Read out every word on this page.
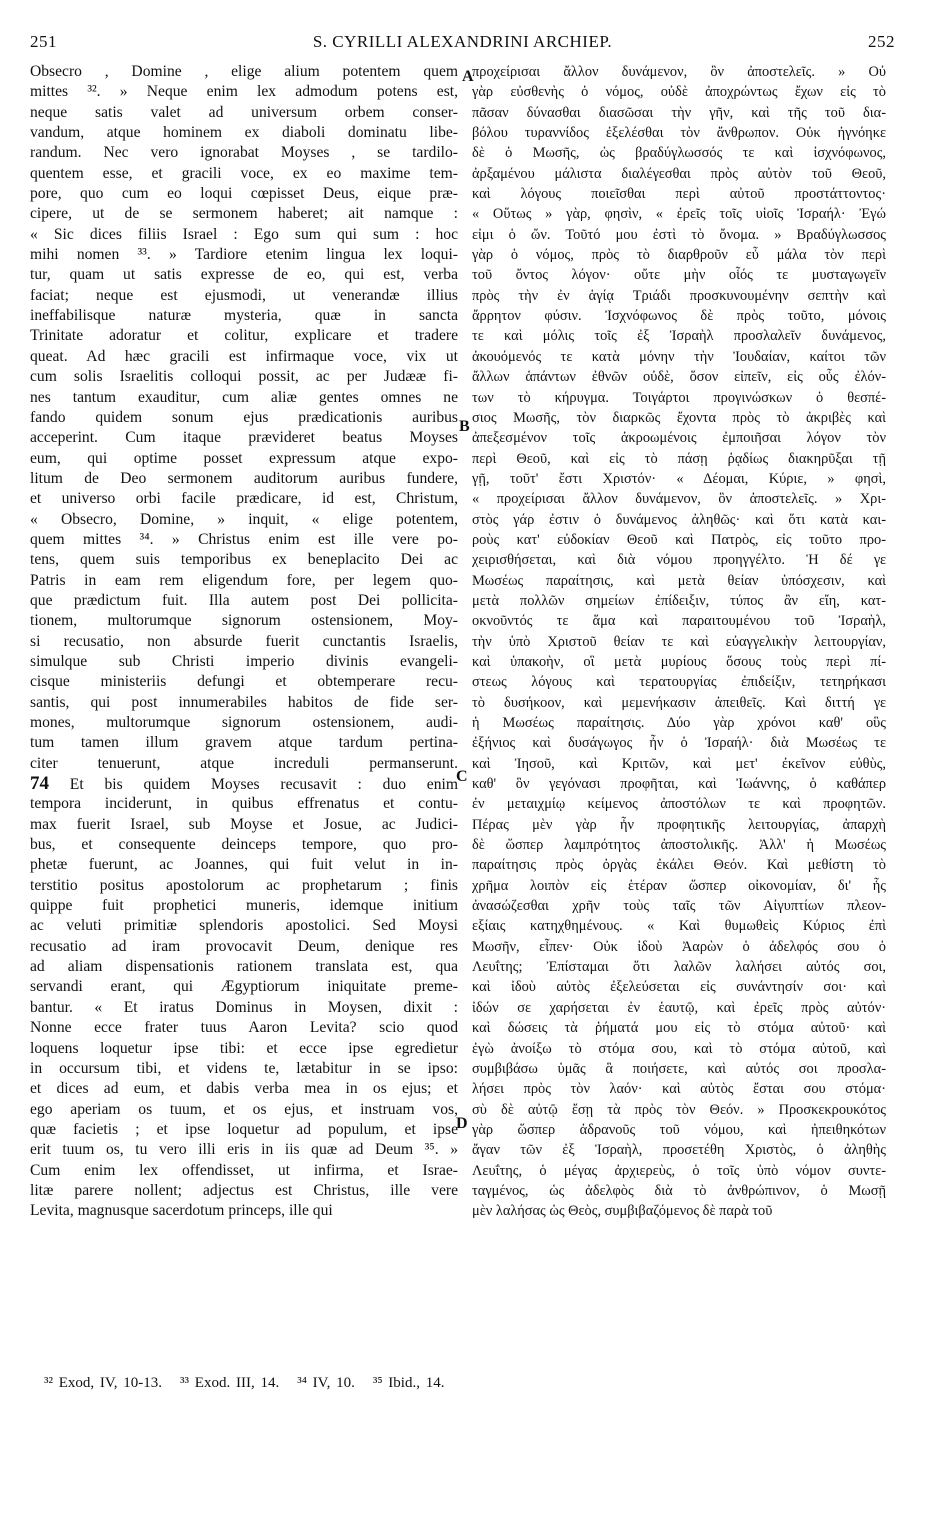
251	S. CYRILLI ALEXANDRINI ARCHIEP.	252
Obsecro , Domine , elige alium potentem quem
mittes ³². » Neque enim lex admodum potens est,
neque satis valet ad universum orbem conser-
vandum, atque hominem ex diaboli dominatu libe-
randum. Nec vero ignorabat Moyses , se tardilo-
quentem esse, et gracili voce, ex eo maxime tem-
pore, quo cum eo loqui cœpisset Deus, eique præ-
cipere, ut de se sermonem haberet; ait namque :
« Sic dices filiis Israel : Ego sum qui sum : hoc
mihi nomen ³³. » Tardiore etenim lingua lex loqui-
tur, quam ut satis expresse de eo, qui est, verba
faciat; neque est ejusmodi, ut venerandæ illius
ineffabilisque naturæ mysteria, quæ in sancta
Trinitate adoratur et colitur, explicare et tradere
queat. Ad hæc gracili est infirmaque voce, vix ut
cum solis Israelitis colloqui possit, ac per Judææ fi-
nes tantum exauditur, cum aliæ gentes omnes ne
fando quidem sonum ejus prædicationis auribus
acceperint. Cum itaque prævideret beatus Moyses
eum, qui optime posset expressum atque expo-
litum de Deo sermonem auditorum auribus fundere,
et universo orbi facile prædicare, id est, Christum,
« Obsecro, Domine, » inquit, « elige potentem,
quem mittes ³⁴. » Christus enim est ille vere po-
tens, quem suis temporibus ex beneplacito Dei ac
Patris in eam rem eligendum fore, per legem quo-
que prædictum fuit. Illa autem post Dei pollicita-
tionem, multorumque signorum ostensionem, Moy-
si recusatio, non absurde fuerit cunctantis Israelis,
simulque sub Christi imperio divinis evangeli-
cisque ministeriis defungi et obtemperare recu-
santis, qui post innumerabiles habitos de fide ser-
mones, multorumque signorum ostensionem, audi-
tum tamen illum gravem atque tardum pertina-
citer tenuerunt, atque increduli permanserunt.
74 Et bis quidem Moyses recusavit : duo enim
tempora inciderunt, in quibus effrenatus et contu-
max fuerit Israel, sub Moyse et Josue, ac Judici-
bus, et consequente deinceps tempore, quo pro-
phetæ fuerunt, ac Joannes, qui fuit velut in in-
terstitio positus apostolorum ac prophetarum ; finis
quippe fuit prophetici muneris, idemque initium
ac veluti primitiæ splendoris apostolici. Sed Moysi
recusatio ad iram provocavit Deum, denique res
ad aliam dispensationis rationem translata est, qua
servandi erant, qui Ægyptiorum iniquitate preme-
bantur. « Et iratus Dominus in Moysen, dixit :
Nonne ecce frater tuus Aaron Levita? scio quod
loquens loquetur ipse tibi: et ecce ipse egredietur
in occursum tibi, et videns te, lætabitur in se ipso:
et dices ad eum, et dabis verba mea in os ejus; et
ego aperiam os tuum, et os ejus, et instruam vos,
quæ facietis ; et ipse loquetur ad populum, et ipse
erit tuum os, tu vero illi eris in iis quæ ad Deum ³⁵. »
Cum enim lex offendisset, ut infirma, et Israe-
litæ parere nollent; adjectus est Christus, ille vere
Levita, magnusque sacerdotum princeps, ille qui
προχείρισαι ἄλλον δυνάμενον, ὃν ἀποστελεῖς. » Οὐ
γὰρ εὐσθενὴς ὁ νόμος, οὐδὲ ἀποχρώντως ἔχων εἰς τὸ
πᾶσαν δύνασθαι διασῶσαι τὴν γῆν, καὶ τῆς τοῦ δια-
βόλου τυραννίδος ἐξελέσθαι τὸν ἄνθρωπον. Οὐκ ἠγνόηκε
δὲ ὁ Μωσῆς, ὡς βραδύγλωσσός τε καὶ ἰσχνόφωνος,
ἀρξαμένου μάλιστα διαλέγεσθαι πρὸς αὐτὸν τοῦ Θεοῦ,
καὶ λόγους ποιεῖσθαι περὶ αὐτοῦ προστάττοντος·
« Οὕτως » γὰρ, φησὶν, « ἐρεῖς τοῖς υἱοῖς Ἰσραήλ· Ἐγώ
εἰμι ὁ ὤν. Τοῦτό μου ἐστὶ τὸ ὄνομα. » Βραδύγλωσσος
γὰρ ὁ νόμος, πρὸς τὸ διαρθροῦν εὖ μάλα τὸν περὶ
τοῦ ὄντος λόγον· οὔτε μὴν οἷός τε μυσταγωγεῖν
πρὸς τὴν ἐν ἁγίᾳ Τριάδι προσκυνουμένην σεπτὴν καὶ
ἄρρητον φύσιν. Ἰσχνόφωνος δὲ πρὸς τοῦτο, μόνοις
τε καὶ μόλις τοῖς ἐξ Ἰσραὴλ προσλαλεῖν δυνάμενος,
ἀκουόμενός τε κατὰ μόνην τὴν Ἰουδαίαν, καίτοι τῶν
ἄλλων ἁπάντων ἐθνῶν οὐδὲ, ὅσον εἰπεῖν, εἰς οὖς ἐλόν-
των τὸ κήρυγμα. Τοιγάρτοι προγινώσκων ὁ θεσπέ-
σιος Μωσῆς, τὸν διαρκῶς ἔχοντα πρὸς τὸ ἀκριβὲς καὶ
ἀπεξεσμένον τοῖς ἀκροωμένοις ἐμποιῆσαι λόγον τὸν
περὶ Θεοῦ, καὶ εἰς τὸ πάσῃ ῥᾳδίως διακηρῦξαι τῇ
γῇ, τοῦτ' ἔστι Χριστόν· « Δέομαι, Κύριε, » φησὶ,
« προχείρισαι ἄλλον δυνάμενον, ὃν ἀποστελεῖς. » Χρι-
στὸς γάρ ἐστιν ὁ δυνάμενος ἀληθῶς· καὶ ὅτι κατὰ και-
ροὺς κατ' εὐδοκίαν Θεοῦ καὶ Πατρὸς, εἰς τοῦτο προ-
χειρισθήσεται, καὶ διὰ νόμου προηγγέλτο. Ἡ δέ γε
Μωσέως παραίτησις, καὶ μετὰ θείαν ὑπόσχεσιν, καὶ
μετὰ πολλῶν σημείων ἐπίδειξιν, τύπος ἂν εἴη, κατ-
οκνοῦντός τε ἅμα καὶ παραιτουμένου τοῦ Ἰσραὴλ,
τὴν ὑπὸ Χριστοῦ θείαν τε καὶ εὐαγγελικὴν λειτουργίαν,
καὶ ὑπακοὴν, οἳ μετὰ μυρίους ὅσους τοὺς περὶ πί-
στεως λόγους καὶ τερατουργίας ἐπιδείξιν, τετηρήκασι
τὸ δυσήκοον, καὶ μεμενήκασιν ἀπειθεῖς. Καὶ διττή γε
ἡ Μωσέως παραίτησις. Δύο γὰρ χρόνοι καθ' οὓς
ἐξήνιος καὶ δυσάγωγος ἦν ὁ Ἰσραήλ· διὰ Μωσέως τε
καὶ Ἰησοῦ, καὶ Κριτῶν, καὶ μετ' ἐκεῖνον εὐθὺς,
καθ' ὃν γεγόνασι προφῆται, καὶ Ἰωάννης, ὁ καθάπερ
ἐν μεταιχμίῳ κείμενος ἀποστόλων τε καὶ προφητῶν.
Πέρας μὲν γὰρ ἦν προφητικῆς λειτουργίας, ἀπαρχὴ
δὲ ὥσπερ λαμπρότητος ἀποστολικῆς. Ἀλλ' ἡ Μωσέως
παραίτησις πρὸς ὀργὰς ἐκάλει Θεόν. Καὶ μεθίστη τὸ
χρῆμα λοιπὸν εἰς ἑτέραν ὥσπερ οἰκονομίαν, δι' ἧς
ἀνασώζεσθαι χρῆν τοὺς ταῖς τῶν Αἰγυπτίων πλεον-
εξίαις κατηχθημένους. « Καὶ θυμωθεὶς Κύριος ἐπὶ
Μωσῆν, εἶπεν· Οὐκ ἰδοὺ Ἀαρὼν ὁ ἀδελφός σου ὁ
Λευΐτης; Ἐπίσταμαι ὅτι λαλῶν λαλήσει αὐτός σοι,
καὶ ἰδοὺ αὐτὸς ἐξελεύσεται εἰς συνάντησίν σοι· καὶ
ἰδών σε χαρήσεται ἐν ἑαυτῷ, καὶ ἐρεῖς πρὸς αὐτόν·
καὶ δώσεις τὰ ῥήματά μου εἰς τὸ στόμα αὐτοῦ· καὶ
ἐγὼ ἀνοίξω τὸ στόμα σου, καὶ τὸ στόμα αὐτοῦ, καὶ
συμβιβάσω ὑμᾶς ἃ ποιήσετε, καὶ αὐτός σοι προσλα-
λήσει πρὸς τὸν λαόν· καὶ αὐτὸς ἔσται σου στόμα·
σὺ δὲ αὐτῷ ἔσῃ τὰ πρὸς τὸν Θεόν. » Προσκεκρουκότος
γὰρ ὥσπερ ἀδρανοῦς τοῦ νόμου, καὶ ἠπειθηκότων
ἄγαν τῶν ἐξ Ἰσραὴλ, προσετέθη Χριστὸς, ὁ ἀληθὴς
Λευΐτης, ὁ μέγας ἀρχιερεὺς, ὁ τοῖς ὑπὸ νόμον συντε-
ταγμένος, ὡς ἀδελφὸς διὰ τὸ ἀνθρώπινον, ὁ Μωσῇ
μὲν λαλήσας ὡς Θεὸς, συμβιβαζόμενος δὲ παρὰ τοῦ
A
B
C
D
³² Exod, IV, 10-13. ³³ Exod. III, 14. ³⁴ IV, 10. ³⁵ Ibid., 14.
